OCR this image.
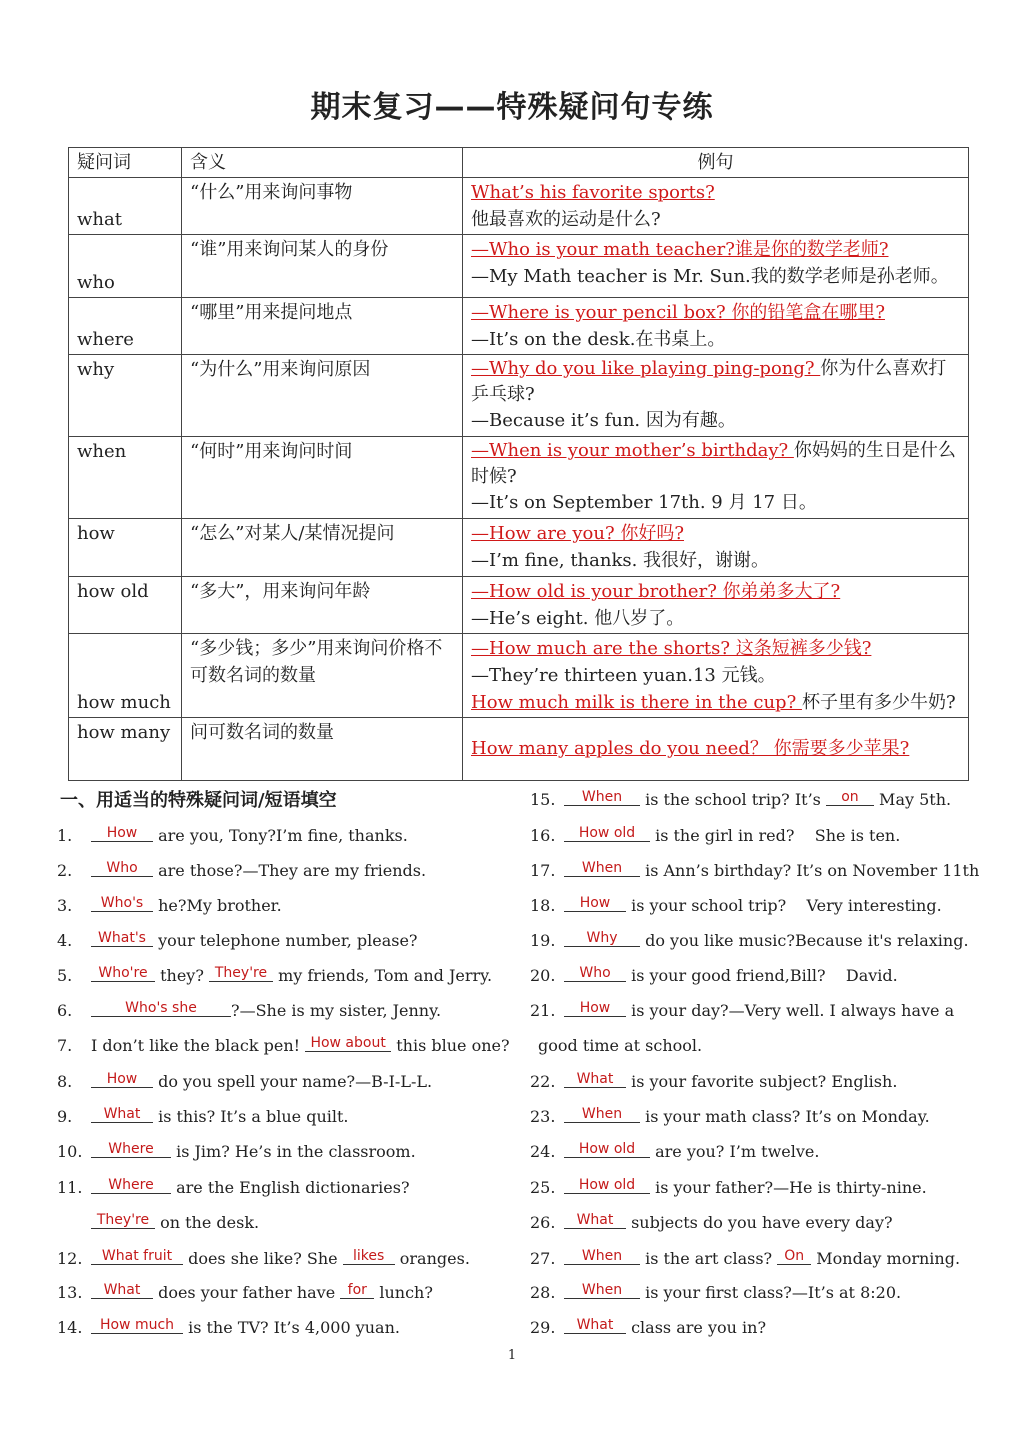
期末复习——特殊疑问句专练
疑问词	含义	例句
what	“什么”用来询问事物	What’s his favorite sports?
他最喜欢的运动是什么?

who	“谁”用来询问某人的身份	—Who is your math teacher?谁是你的数学老师?
—My Math teacher is Mr. Sun.我的数学老师是孙老师。

where	“哪里”用来提问地点	—Where is your pencil box? 你的铅笔盒在哪里?
—It’s on the desk.在书桌上。

why	“为什么”用来询问原因	—Why do you like playing ping-pong? 你为什么喜欢打乒乓球?
—Because it’s fun. 因为有趣。

when	“何时”用来询问时间	—When is your mother’s birthday? 你妈妈的生日是什么时候?
—It’s on September 17th. 9 月 17 日。

how	“怎么”对某人/某情况提问	—How are you? 你好吗?
—I’m fine, thanks. 我很好，谢谢。

how old	“多大”，用来询问年龄	—How old is your brother? 你弟弟多大了?
—He’s eight. 他八岁了。

how much	“多少钱；多少”用来询问价格不可数名词的数量	—How much are the shorts? 这条短裤多少钱?
—They’re thirteen yuan.13 元钱。
How much milk is there in the cup? 杯子里有多少牛奶?

how many	问可数名词的数量	How many apples do you need？ 你需要多少苹果?
一、用适当的特殊疑问词/短语填空
1
1. How are you, Tony?I’m fine, thanks.
2. Who are those?—They are my friends.
3. Who's he?My brother.
4. What's your telephone number, please?
5. Who're they? They're my friends, Tom and Jerry.
6.	Who's she ?—She is my sister, Jenny.
7. I don’t like the black pen! How about this blue one?
8. How do you spell your name?—B-I-L-L.
9. What is this? It’s a blue quilt.
10. Where is Jim? He’s in the classroom.
11. Where are the English dictionaries?
They're on the desk.
12. What fruit does she like? She likes oranges.
13. What does your father have for lunch?
14. How much is the TV? It’s 4,000 yuan.
15. When is the school trip? It’s on May 5th.
16. How old is the girl in red?    She is ten.
17. When is Ann’s birthday? It’s on November 11th
18. How is your school trip?    Very interesting.
19. Why do you like music?Because it's relaxing.
20. Who is your good friend,Bill?    David.
21. How is your day?—Very well. I always have a
good time at school.
22. What is your favorite subject? English.
23. When is your math class? It’s on Monday.
24. How old are you? I’m twelve.
25. How old is your father?—He is thirty-nine.
26. What subjects do you have every day?
27. When is the art class? On Monday morning.
28. When is your first class?—It’s at 8:20.
29. What class are you in?
